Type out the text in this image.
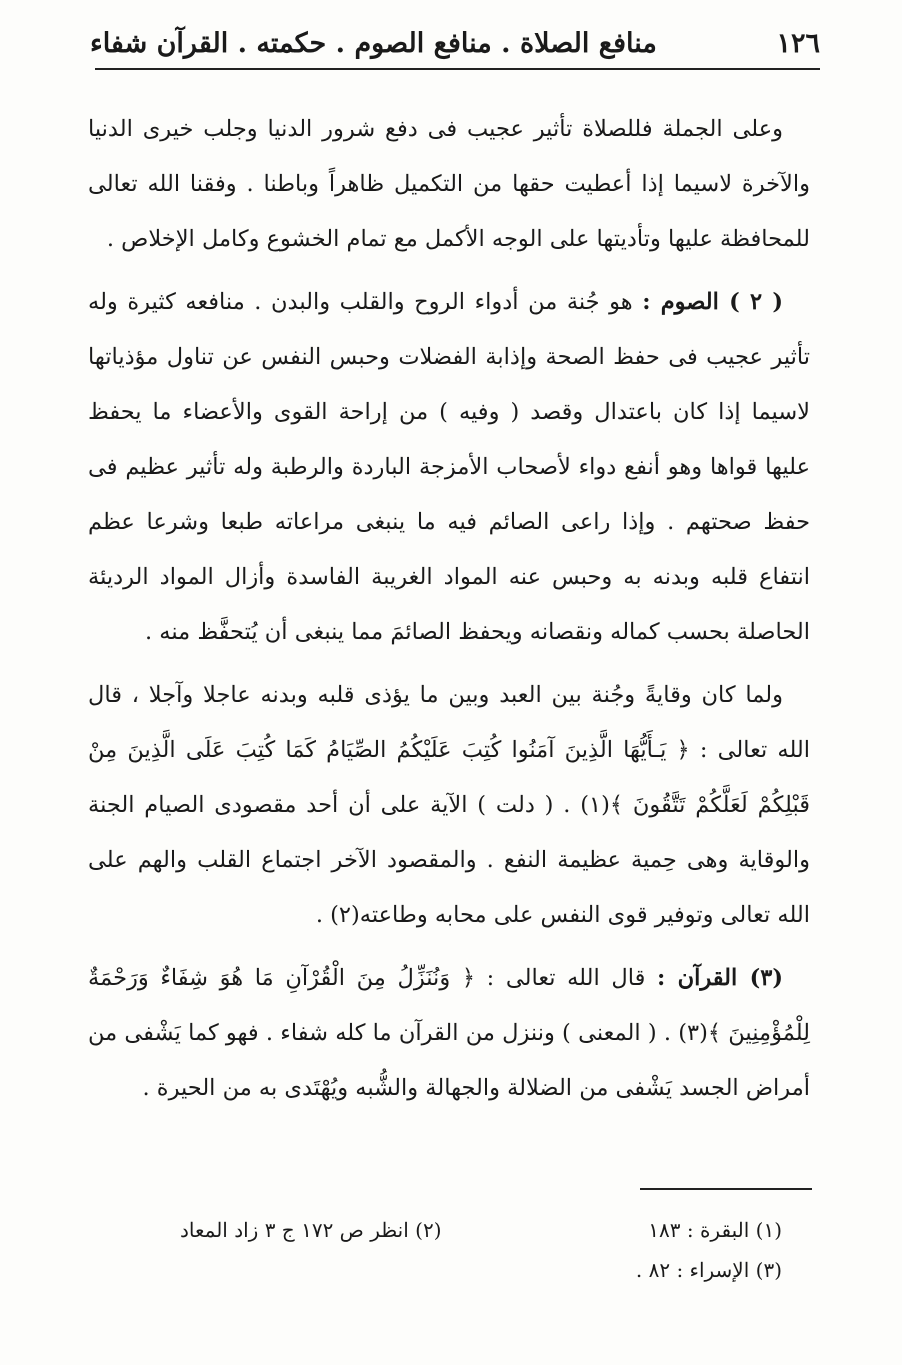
١٢٦
منافع الصلاة . منافع الصوم . حكمته . القرآن شفاء

وعلى الجملة فللصلاة تأثير عجيب فى دفع شرور الدنيا وجلب خيرى الدنيا والآخرة لاسيما إذا أعطيت حقها من التكميل ظاهراً وباطنا . وفقنا الله تعالى للمحافظة عليها وتأديتها على الوجه الأكمل مع تمام الخشوع وكامل الإخلاص .

( ٢ ) الصوم : هو جُنة من أدواء الروح والقلب والبدن . منافعه كثيرة وله تأثير عجيب فى حفظ الصحة وإذابة الفضلات وحبس النفس عن تناول مؤذياتها لاسيما إذا كان باعتدال وقصد ( وفيه ) من إراحة القوى والأعضاء ما يحفظ عليها قواها وهو أنفع دواء لأصحاب الأمزجة الباردة والرطبة وله تأثير عظيم فى حفظ صحتهم . وإذا راعى الصائم فيه ما ينبغى مراعاته طبعا وشرعا عظم انتفاع قلبه وبدنه به وحبس عنه المواد الغريبة الفاسدة وأزال المواد الرديئة الحاصلة بحسب كماله ونقصانه ويحفظ الصائمَ مما ينبغى أن يُتحفَّظ منه .

ولما كان وقايةً وجُنة بين العبد وبين ما يؤذى قلبه وبدنه عاجلا وآجلا ، قال الله تعالى : ﴿ يَـأَيُّهَا الَّذِينَ آمَنُوا كُتِبَ عَلَيْكُمُ الصِّيَامُ كَمَا كُتِبَ عَلَى الَّذِينَ مِنْ قَبْلِكُمْ لَعَلَّكُمْ تَتَّقُونَ ﴾(١) . ( دلت ) الآية على أن أحد مقصودى الصيام الجنة والوقاية وهى حِمية عظيمة النفع . والمقصود الآخر اجتماع القلب والهم على الله تعالى وتوفير قوى النفس على محابه وطاعته(٢) .

(٣) القرآن : قال الله تعالى : ﴿ وَنُنَزِّلُ مِنَ الْقُرْآنِ مَا هُوَ شِفَاءٌ وَرَحْمَةٌ لِلْمُؤْمِنِينَ ﴾(٣) . ( المعنى ) وننزل من القرآن ما كله شفاء . فهو كما يَشْفى من أمراض الجسد يَشْفى من الضلالة والجهالة والشُّبه ويُهْتَدى به من الحيرة .

(١) البقرة : ١٨٣
(٢) انظر ص ١٧٢ ج ٣ زاد المعاد
(٣) الإسراء : ٨٢ .
